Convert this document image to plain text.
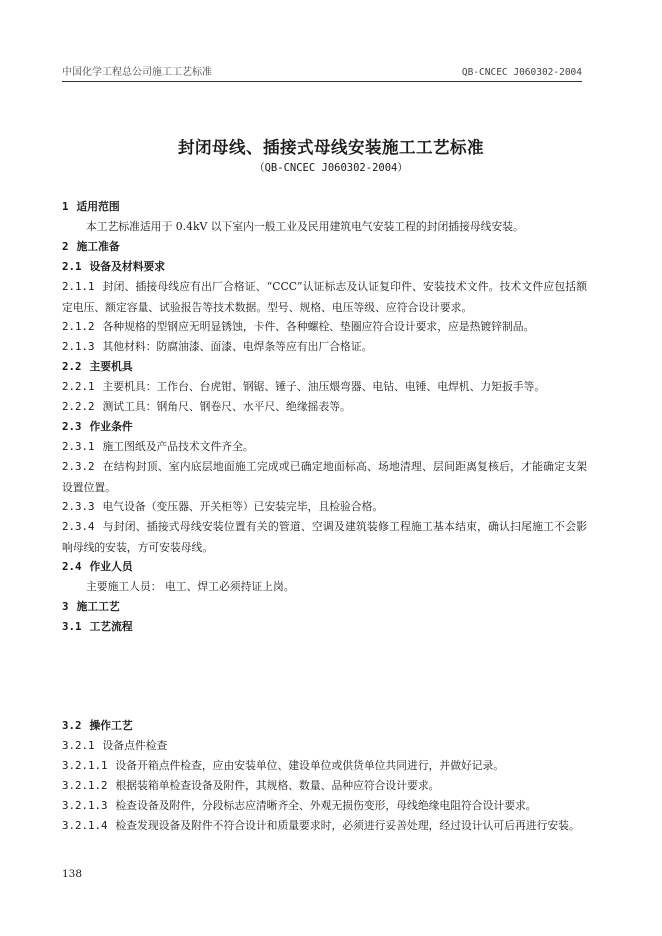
中国化学工程总公司施工工艺标准	QB-CNCEC J060302-2004
封闭母线、插接式母线安装施工工艺标准
（QB-CNCEC J060302-2004）
1 适用范围
本工艺标准适用于 0.4kV 以下室内一般工业及民用建筑电气安装工程的封闭插接母线安装。
2 施工准备
2.1 设备及材料要求
2.1.1 封闭、插接母线应有出厂合格证、“CCC”认证标志及认证复印件、安装技术文件。技术文件应包括额定电压、额定容量、试验报告等技术数据。型号、规格、电压等级、应符合设计要求。
2.1.2 各种规格的型钢应无明显锈蚀，卡件、各种螺栓、垫圈应符合设计要求，应是热镀锌制品。
2.1.3 其他材料：防腐油漆、面漆、电焊条等应有出厂合格证。
2.2 主要机具
2.2.1 主要机具：工作台、台虎钳、钢锯、锤子、油压煨弯器、电钻、电锤、电焊机、力矩扳手等。
2.2.2 测试工具：钢角尺、钢卷尺、水平尺、绝缘摇表等。
2.3 作业条件
2.3.1 施工图纸及产品技术文件齐全。
2.3.2 在结构封顶、室内底层地面施工完成或已确定地面标高、场地清理、层间距离复核后，才能确定支架设置位置。
2.3.3 电气设备（变压器、开关柜等）已安装完毕，且检验合格。
2.3.4 与封闭、插接式母线安装位置有关的管道、空调及建筑装修工程施工基本结束，确认扫尾施工不会影响母线的安装，方可安装母线。
2.4 作业人员
主要施工人员： 电工、焊工必须持证上岗。
3 施工工艺
3.1 工艺流程
3.2 操作工艺
3.2.1 设备点件检查
3.2.1.1 设备开箱点件检查，应由安装单位、建设单位或供货单位共同进行，并做好记录。
3.2.1.2 根据装箱单检查设备及附件，其规格、数量、品种应符合设计要求。
3.2.1.3 检查设备及附件，分段标志应清晰齐全、外观无损伤变形，母线绝缘电阻符合设计要求。
3.2.1.4 检查发现设备及附件不符合设计和质量要求时，必须进行妥善处理，经过设计认可后再进行安装。
138
